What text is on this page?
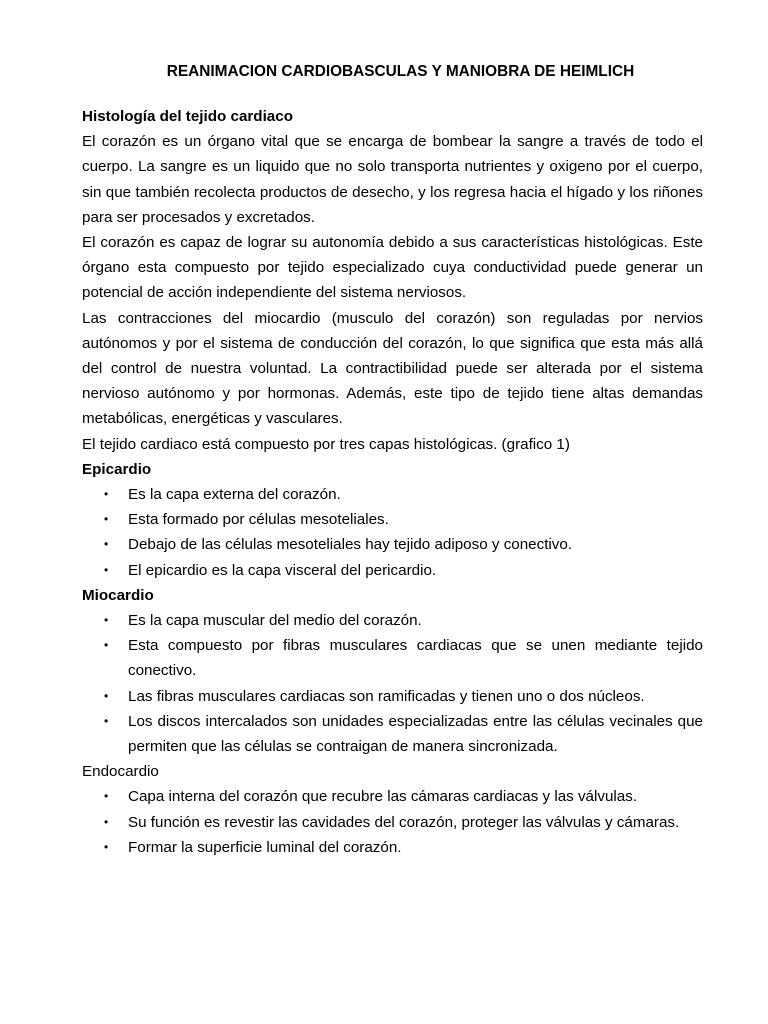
REANIMACION CARDIOBASCULAS Y MANIOBRA DE HEIMLICH

Histología del tejido cardiaco

El corazón es un órgano vital que se encarga de bombear la sangre a través de todo el cuerpo. La sangre es un liquido que no solo transporta nutrientes y oxigeno por el cuerpo, sin que también recolecta productos de desecho, y los regresa hacia el hígado y los riñones para ser procesados y excretados.

El corazón es capaz de lograr su autonomía debido a sus características histológicas. Este órgano esta compuesto por tejido especializado cuya conductividad puede generar un potencial de acción independiente del sistema nerviosos.

Las contracciones del miocardio (musculo del corazón) son reguladas por nervios autónomos y por el sistema de conducción del corazón, lo que significa que esta más allá del control de nuestra voluntad. La contractibilidad puede ser alterada por el sistema nervioso autónomo y por hormonas. Además, este tipo de tejido tiene altas demandas metabólicas, energéticas y vasculares.

El tejido cardiaco está compuesto por tres capas histológicas. (grafico 1)

Epicardio

• Es la capa externa del corazón.
• Esta formado por células mesoteliales.
• Debajo de las células mesoteliales hay tejido adiposo y conectivo.
• El epicardio es la capa visceral del pericardio.

Miocardio

• Es la capa muscular del medio del corazón.
• Esta compuesto por fibras musculares cardiacas que se unen mediante tejido conectivo.
• Las fibras musculares cardiacas son ramificadas y tienen uno o dos núcleos.
• Los discos intercalados son unidades especializadas entre las células vecinales que permiten que las células se contraigan de manera sincronizada.

Endocardio

• Capa interna del corazón que recubre las cámaras cardiacas y las válvulas.
• Su función es revestir las cavidades del corazón, proteger las válvulas y cámaras.
• Formar la superficie luminal del corazón.
